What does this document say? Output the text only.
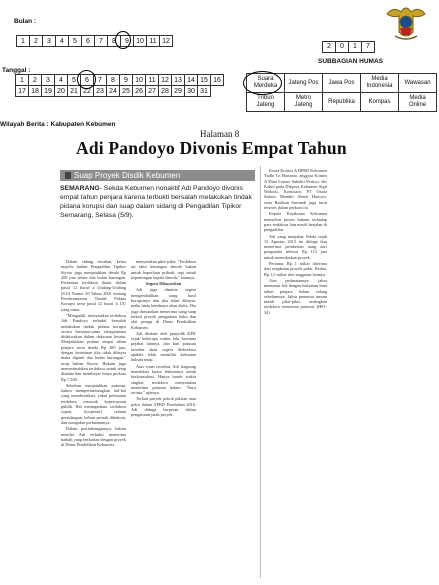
Bulan :
1	2	3	4	5	6	7	8	9	10	11	12
2 0 1 7
SUBBAGIAN HUMAS
Tanggal :
1	2	3	4	5	6	7	8	9	10	11	12	13	14	15	16
17	18	19	20	21	22	23	24	25	26	27	28	29	30	31	
Suara Merdeka	Jateng Pos	Jawa Pos	Media Indonesia	Wawasan
Tribun Jateng	Metro Jateng	Republika	Kompas	Media Online
Wilayah Berita : Kabupaten Kebumen
Halaman 8
Adi Pandoyo Divonis Empat Tahun
Suap Proyek Disdik Kebumen
SEMARANG- Sekda Kebumen nonaktif Adi Pandoyo divonis empat tahun penjara karena terbukti bersalah melakukan tindak pidana korupsi dan suap dalam sidang di Pengadilan Tipikor Semarang, Selasa (5/9).

Dalam sidang tersebut, ketua majelis hakim Pengadilan Tipikor Siyoto juga menjatuhkan denda Rp 200 juta selain dua bulan kurungan. Perbuatan terdakwa diatur dalam pasal 12 huruf a Undang-Undang (UU) Nomor 20 Tahun 2001 tentang Pemberantasan Tindak Pidana Korupsi serta pasal 12 huruf b UU yang sama.

"Mengadili, menyatakan terdakwa Adi Pandoyo terbukti bersalah melakukan tindak pidana korupsi secara bersama-sama sebagaimana didakwakan dalam dakwaan kesatu. Menjatuhkan pidana empat tahun penjara serta denda Rp 200 juta, dengan ketentuan jika tidak dibayar maka diganti dua bulan kurungan," ucap hakim Siyoto. Hukum juga memerintahkan terdakwa untuk tetap ditahan dan membayar biaya perkara Rp 7.500.

Sebelum menjatuhkan putusan, hakim mempertimbangkan hal-hal yang memberatkan, yakni perbuatan terdakwa merusak kepercayaan publik. Hal meringankan, terdakwa sopan, kooperatif selama persidangan, belum pernah dihukum, dan mengakui perbuatannya.

Dalam pertimbangannya, hakim menilai Adi terbukti menerima hadiah yang berkaitan dengan proyek di Dinas Pendidikan Kebumen.

menyatakan pikir-pikir. "Terdakwa ini tahu keuangan daerah bukan untuk keperluan pribadi, tapi untuk kepentingan kepala daerah," katanya.

Segera Dibayarkan

Adi juga diminta segera mengembalikan uang hasil korupsinya dan jika tidak dibayar, maka harta bendanya akan disita. Dia juga dinyatakan menerima uang suap terkait proyek pengadaan buku dan alat peraga di Dinas Pendidikan Kebumen.

Adi ditahan oleh penyidik KPK sejak beberapa waktu lalu bersama pejabat lainnya, dan kini putusan tersebut akan segera dieksekusi apabila telah memiliki kekuatan hukum tetap.

Atas vonis tersebut, Adi langsung mendekati kuasa hukumnya untuk berkonsultasi. Hanya butuh waktu singkat, terdakwa menyatakan menerima putusan hakim. "Saya terima," ujarnya.

Terkait proyek pokok pikiran atau pokir dalam APBD Perubahan 2016, Adi diduga berperan dalam pengaturan jatah proyek.

Ketua Komisi A DPRD Kebumen Yudhi Tri Hartanto, anggota Komisi A Dian Lestari Subekti Pertiwi, eks Kabid pada Dikpora Kebumen Sigit Widodo, Komisaris PT Otoda Sukses Mandiri Abadi Hartoyo, serta Basikun Suwandi juga turut terseret dalam perkara ini.

Kepala Kejaksaan Kebumen menyebut proses hukum terhadap para terdakwa lain masih berjalan di pengadilan.

Adi yang menjabat Sekda sejak 12 Agustus 2013 itu diduga ikut menerima pemberian uang dari pengusaha sebesar Rp 115 juta untuk memuluskan proyek.

Pertama, Rp 1 miliar diterima dari rangkaian proyek pokir. Kedua, Rp 1,5 miliar dari anggaran lainnya.

Atas perbuatannya, jaksa menuntut Adi dengan hukuman lima tahun penjara dalam sidang sebelumnya. Jaksa penuntut umum masih pikir-pikir, sedangkan terdakwa menerima putusan. (H81-34)
